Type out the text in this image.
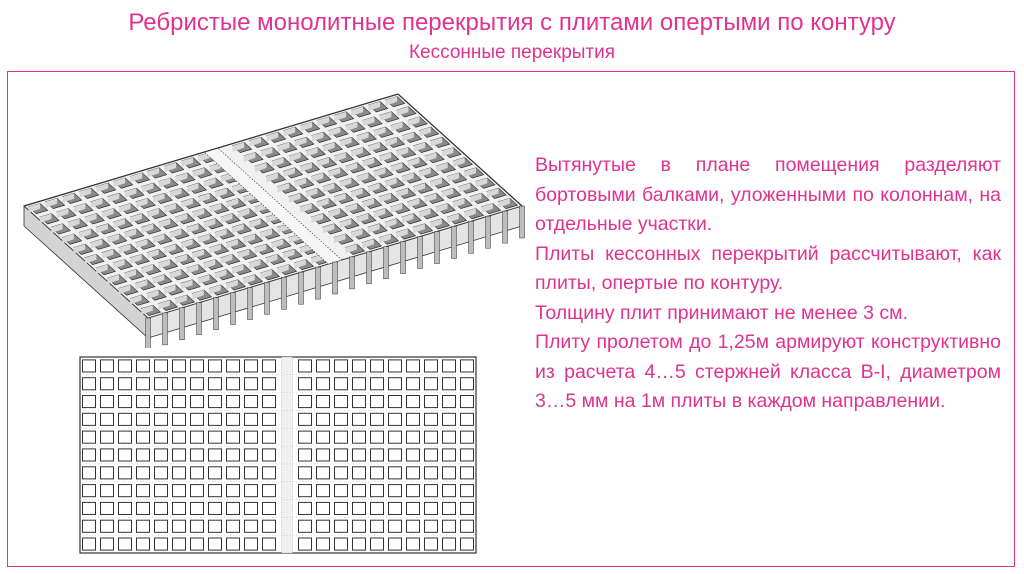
Ребристые монолитные перекрытия с плитами опертыми по контуру
Кессонные перекрытия

Вытянутые в плане помещения разделяют бортовыми балками, уложенными по колоннам, на отдельные участки.

Плиты кессонных перекрытий рассчитывают, как плиты, опертые по контуру.

Толщину плит принимают не менее 3 см.

Плиту пролетом до 1,25м армируют конструктивно из расчета 4…5 стержней класса В-I, диаметром 3…5 мм на 1м плиты в каждом направлении.
